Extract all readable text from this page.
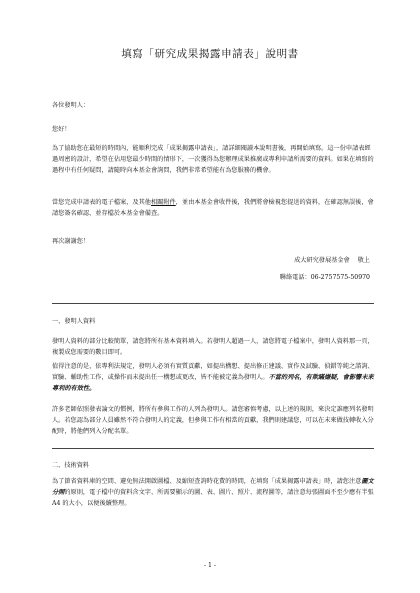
填寫「研究成果揭露申請表」說明書

各位發明人：

您好！

為了協助您在最短的時間內，能順利完成「成果揭露申請表」，請詳細閱讀本說明書後，再開始填寫。這一份申請表經過周密的設計，希望在佔用您最少時間的情形下，一次獲得為您辦理成果推廣或專利申請所需要的資料。如果在填寫的過程中有任何疑問，請隨時向本基金會詢問，我們非常希望能有為您服務的機會。

當您完成申請表的電子檔案，及其他相關附件，並由本基金會收件後，我們將會檢視您提送的資料，在確認無誤後，會請您簽名確認，並存檔於本基金會備查。

再次謝謝您！

成大研究發展基金會 敬上
聯絡電話：06-2757575-50970

一、發明人資料

發明人資料的部分比較簡單，請您將所有基本資料填入。若發明人超過一人，請您將電子檔案中，發明人資料那一頁，複製成您需要的數目即可。

值得注意的是，依專利法規定，發明人必須有實質貢獻，如提出構想、提出修正建議、實作及試驗、偵錯等純之諮詢、實驗、輔助性工作，或操作而未提出任一構想或更改，皆不能被定義為發明人。不當的列名，有欺瞞嫌疑，會影響未來專利的有效性。

許多老師依照發表論文的慣例，將所有參與工作的人列為發明人。請您審慎考慮，以上述的規則，來決定誰應列名發明人。若您認為部分人員雖然不符合發明人的定義，但參與工作有相當的貢獻，我們則建議您，可以在未來做技轉收入分配時，將他們列入分配名單。

二、技術資料

為了節省資料庫的空間、避免無法開啟圖檔、及縮短查詢時花費的時間，在填寫「成果揭露申請表」時，請您注意圖文分開的原則，電子檔中的資料含文字、所需要顯示的圖、表、圖片、照片、流程圖等，請注意每張圖面不至少應有半張 A4 的大小，以便後續整理。

- 1 -
